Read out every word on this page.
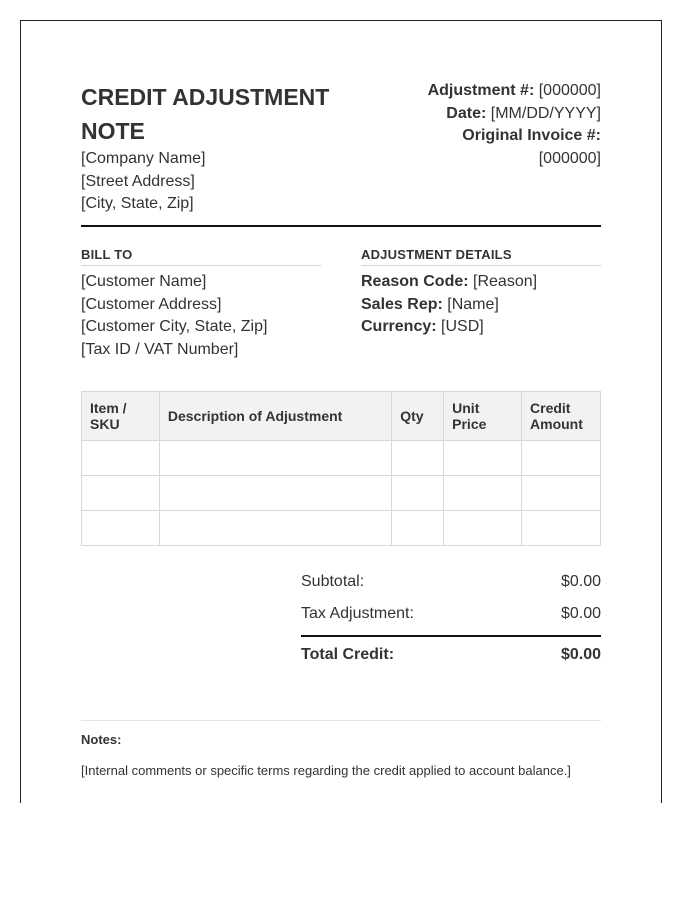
CREDIT ADJUSTMENT NOTE
[Company Name]
[Street Address]
[City, State, Zip]
Adjustment #: [000000]
Date: [MM/DD/YYYY]
Original Invoice #:
[000000]
BILL TO
[Customer Name]
[Customer Address]
[Customer City, State, Zip]
[Tax ID / VAT Number]
ADJUSTMENT DETAILS
Reason Code: [Reason]
Sales Rep: [Name]
Currency: [USD]
Item / SKU	Description of Adjustment	Qty	Unit Price	Credit Amount

Subtotal:	$0.00
Tax Adjustment:	$0.00
Total Credit:	$0.00
Notes:
[Internal comments or specific terms regarding the credit applied to account balance.]
